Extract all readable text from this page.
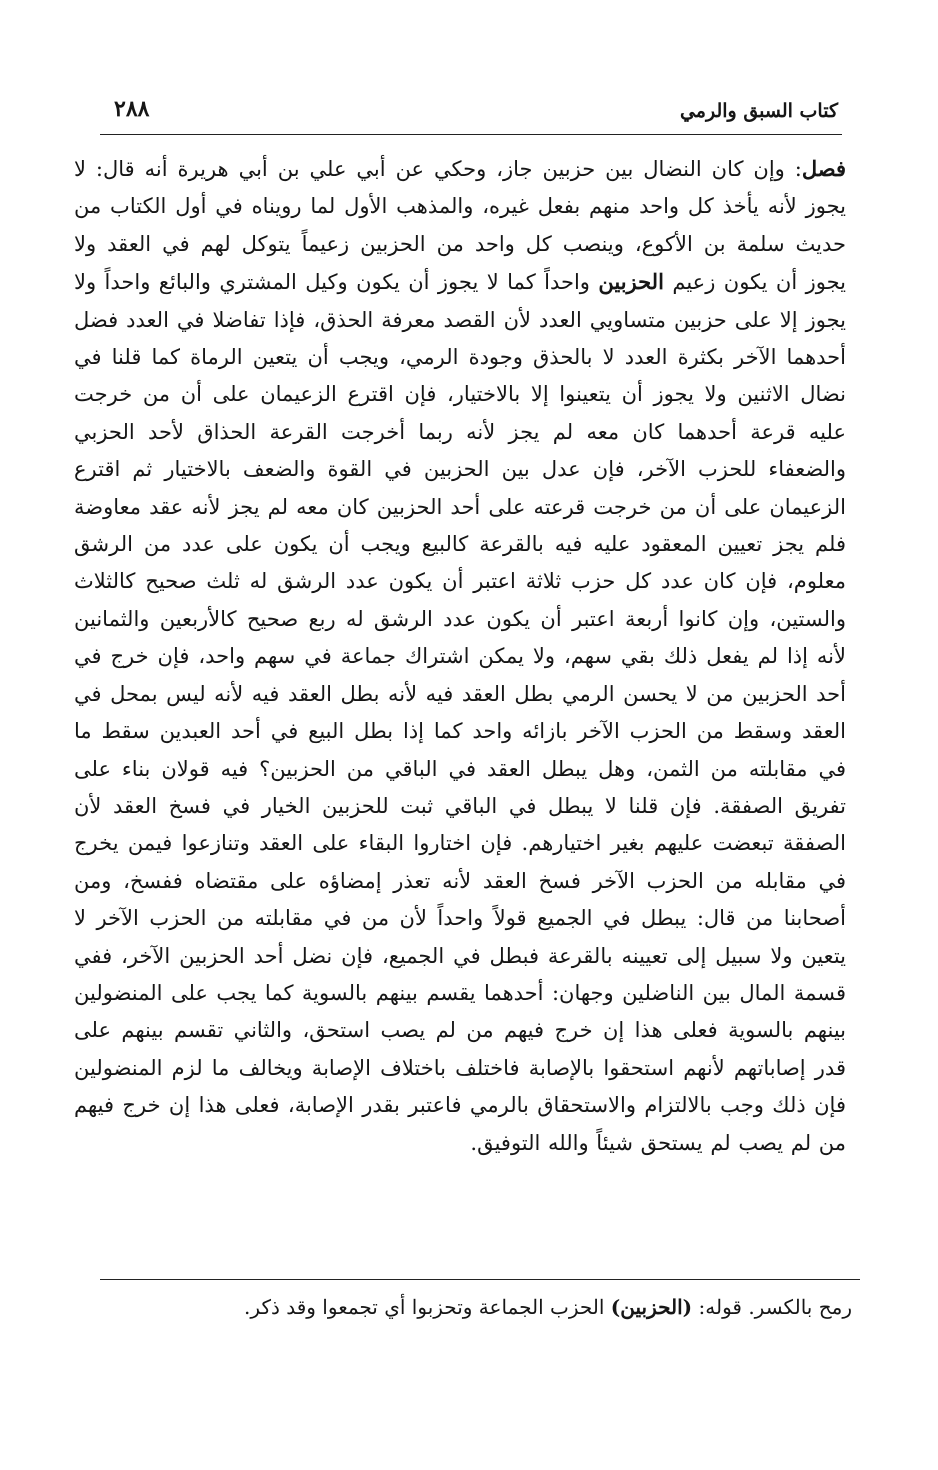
كتاب السبق والرمي
٢٨٨

فصل: وإن كان النضال بين حزبين جاز، وحكي عن أبي علي بن أبي هريرة أنه قال: لا يجوز لأنه يأخذ كل واحد منهم بفعل غيره، والمذهب الأول لما رويناه في أول الكتاب من حديث سلمة بن الأكوع، وينصب كل واحد من الحزبين زعيماً يتوكل لهم في العقد ولا يجوز أن يكون زعيم الحزبين واحداً كما لا يجوز أن يكون وكيل المشتري والبائع واحداً ولا يجوز إلا على حزبين متساويي العدد لأن القصد معرفة الحذق، فإذا تفاضلا في العدد فضل أحدهما الآخر بكثرة العدد لا بالحذق وجودة الرمي، ويجب أن يتعين الرماة كما قلنا في نضال الاثنين ولا يجوز أن يتعينوا إلا بالاختيار، فإن اقترع الزعيمان على أن من خرجت عليه قرعة أحدهما كان معه لم يجز لأنه ربما أخرجت القرعة الحذاق لأحد الحزبي والضعفاء للحزب الآخر، فإن عدل بين الحزبين في القوة والضعف بالاختيار ثم اقترع الزعيمان على أن من خرجت قرعته على أحد الحزبين كان معه لم يجز لأنه عقد معاوضة فلم يجز تعيين المعقود عليه فيه بالقرعة كالبيع ويجب أن يكون على عدد من الرشق معلوم، فإن كان عدد كل حزب ثلاثة اعتبر أن يكون عدد الرشق له ثلث صحيح كالثلاث والستين، وإن كانوا أربعة اعتبر أن يكون عدد الرشق له ربع صحيح كالأربعين والثمانين لأنه إذا لم يفعل ذلك بقي سهم، ولا يمكن اشتراك جماعة في سهم واحد، فإن خرج في أحد الحزبين من لا يحسن الرمي بطل العقد فيه لأنه بطل العقد فيه لأنه ليس بمحل في العقد وسقط من الحزب الآخر بازائه واحد كما إذا بطل البيع في أحد العبدين سقط ما في مقابلته من الثمن، وهل يبطل العقد في الباقي من الحزبين؟ فيه قولان بناء على تفريق الصفقة. فإن قلنا لا يبطل في الباقي ثبت للحزبين الخيار في فسخ العقد لأن الصفقة تبعضت عليهم بغير اختيارهم. فإن اختاروا البقاء على العقد وتنازعوا فيمن يخرج في مقابله من الحزب الآخر فسخ العقد لأنه تعذر إمضاؤه على مقتضاه ففسخ، ومن أصحابنا من قال: يبطل في الجميع قولاً واحداً لأن من في مقابلته من الحزب الآخر لا يتعين ولا سبيل إلى تعيينه بالقرعة فبطل في الجميع، فإن نضل أحد الحزبين الآخر، ففي قسمة المال بين الناضلين وجهان: أحدهما يقسم بينهم بالسوية كما يجب على المنضولين بينهم بالسوية فعلى هذا إن خرج فيهم من لم يصب استحق، والثاني تقسم بينهم على قدر إصاباتهم لأنهم استحقوا بالإصابة فاختلف باختلاف الإصابة ويخالف ما لزم المنضولين فإن ذلك وجب بالالتزام والاستحقاق بالرمي فاعتبر بقدر الإصابة، فعلى هذا إن خرج فيهم من لم يصب لم يستحق شيئاً والله التوفيق.

رمح بالكسر. قوله: (الحزبين) الحزب الجماعة وتحزبوا أي تجمعوا وقد ذكر.
